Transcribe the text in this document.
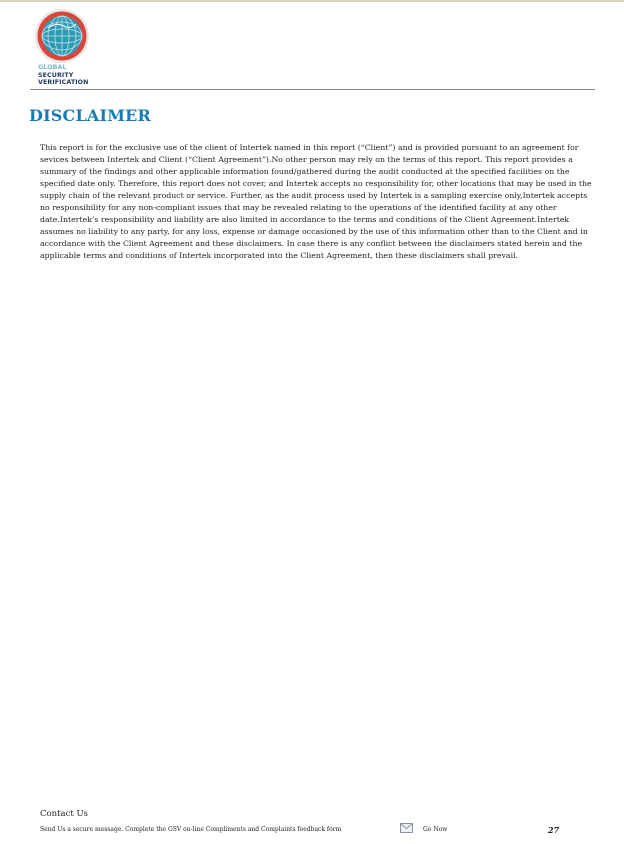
GLOBAL
SECURITY
VERIFICATION
DISCLAIMER

This report is for the exclusive use of the client of Intertek named in this report (“Client”) and is provided pursuant to an agreement for sevices between Intertek and Client (“Client Agreement”).No other person may rely on the terms of this report. This report provides a summary of the findings and other applicable information found/gathered during the audit conducted at the specified facilities on the specified date only. Therefore, this report does not cover, and Intertek accepts no responsibility for, other locations that may be used in the supply chain of the relevant product or service. Further, as the audit process used by Intertek is a sampling exercise only,Intertek accepts no responsibility for any non-compliant issues that may be revealed relating to the operations of the identified facility at any other date.Intertek’s responsibility and liability are also limited in accordance to the terms and conditions of the Client Agreement.Intertek assumes no liability to any party, for any loss, expense or damage occasioned by the use of this information other than to the Client and in accordance with the Client Agreement and these disclaimers. In case there is any conflict between the disclaimers stated herein and the applicable terms and conditions of Intertek incorporated into the Client Agreement, then these disclaimers shall prevail.

Contact Us
Send Us a secure message. Complete the GSV on-line Compliments and Complaints feedback form	Go Now	27
